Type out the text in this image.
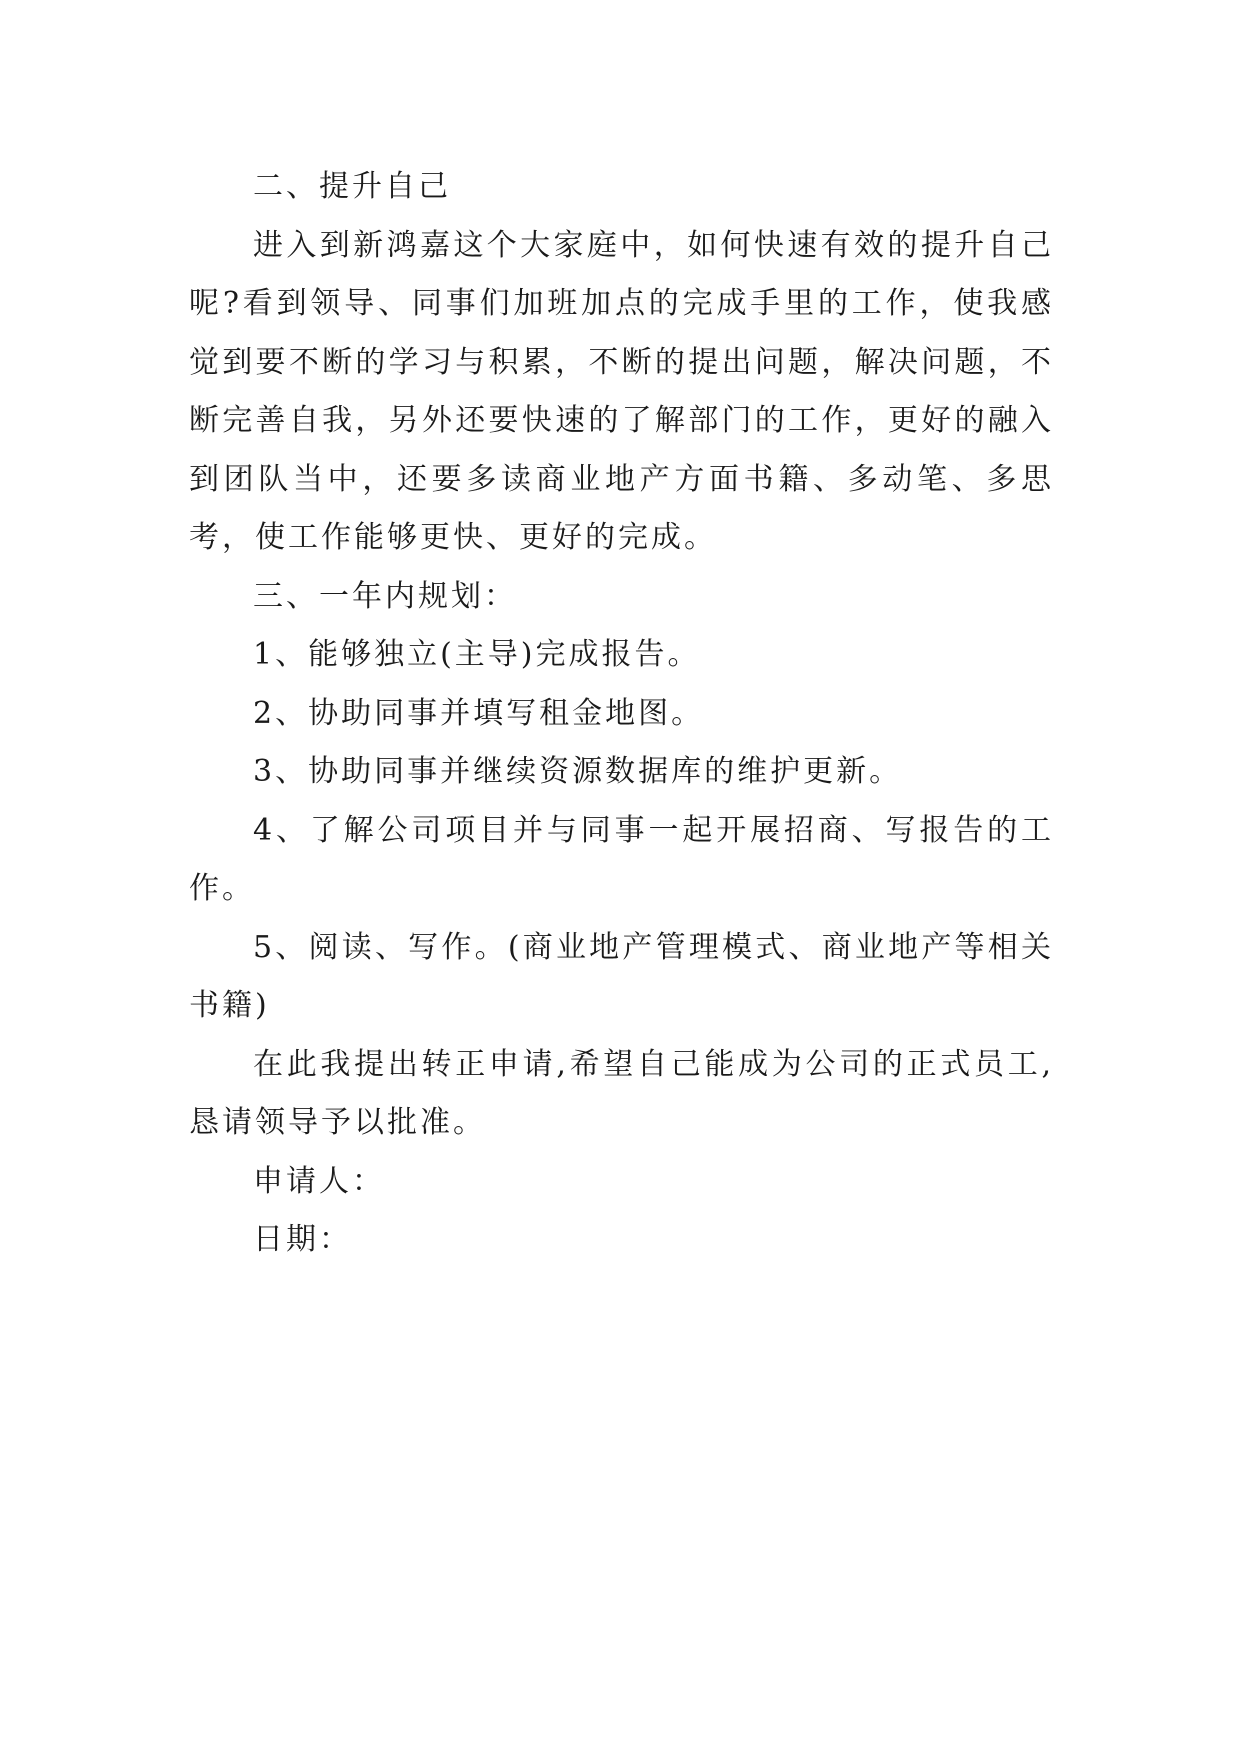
二、提升自己

进入到新鸿嘉这个大家庭中，如何快速有效的提升自己呢?看到领导、同事们加班加点的完成手里的工作，使我感觉到要不断的学习与积累，不断的提出问题，解决问题，不断完善自我，另外还要快速的了解部门的工作，更好的融入到团队当中，还要多读商业地产方面书籍、多动笔、多思考，使工作能够更快、更好的完成。

三、一年内规划：

1、能够独立(主导)完成报告。

2、协助同事并填写租金地图。

3、协助同事并继续资源数据库的维护更新。

4、了解公司项目并与同事一起开展招商、写报告的工作。

5、阅读、写作。(商业地产管理模式、商业地产等相关书籍)

在此我提出转正申请,希望自己能成为公司的正式员工,恳请领导予以批准。

申请人：

日期：
